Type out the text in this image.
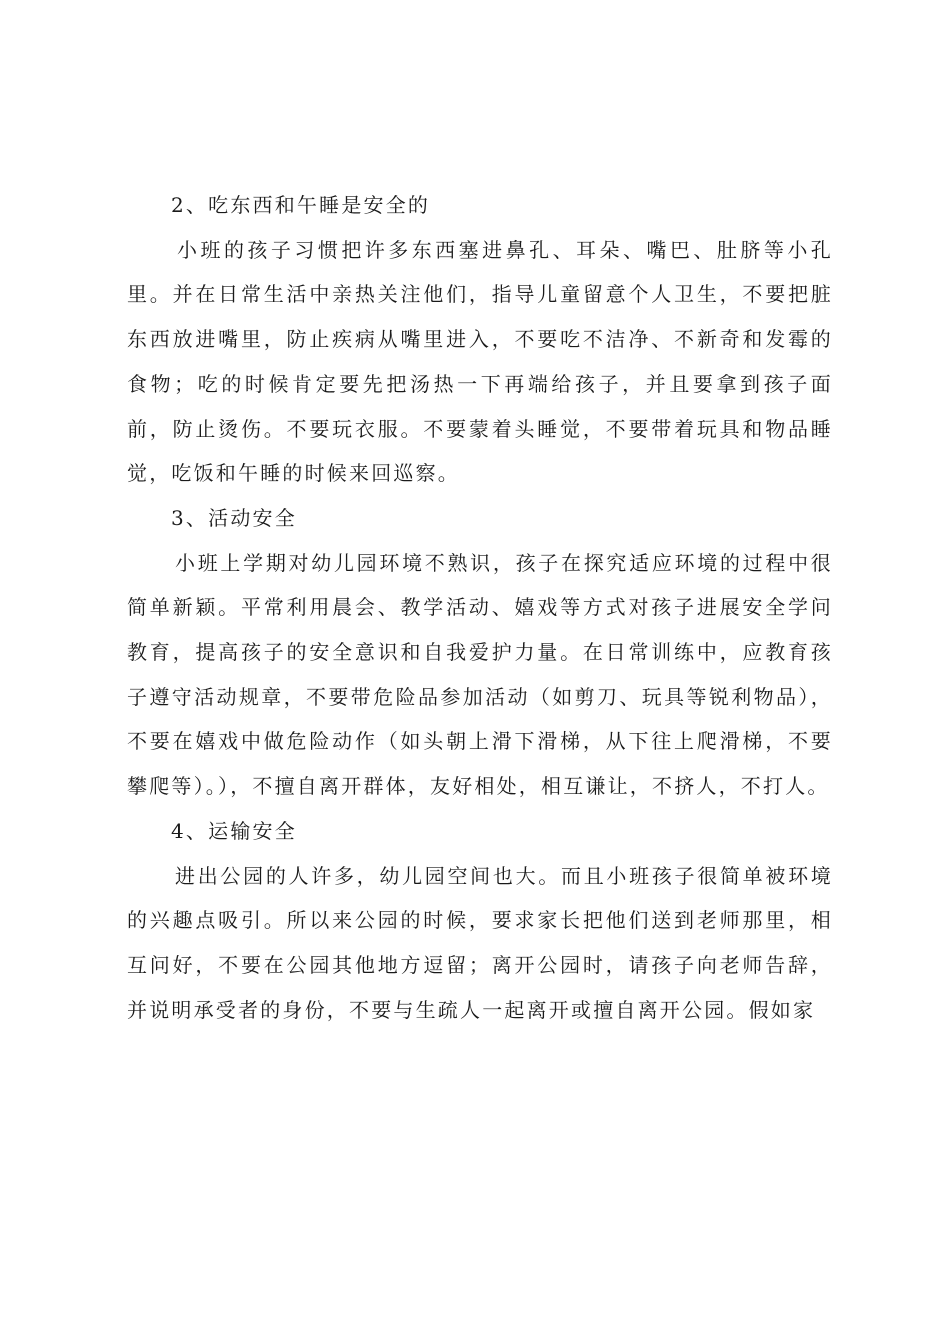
2、吃东西和午睡是安全的

小班的孩子习惯把许多东西塞进鼻孔、耳朵、嘴巴、肚脐等小孔里。并在日常生活中亲热关注他们，指导儿童留意个人卫生，不要把脏东西放进嘴里，防止疾病从嘴里进入，不要吃不洁净、不新奇和发霉的食物；吃的时候肯定要先把汤热一下再端给孩子，并且要拿到孩子面前，防止烫伤。不要玩衣服。不要蒙着头睡觉，不要带着玩具和物品睡觉，吃饭和午睡的时候来回巡察。

3、活动安全

小班上学期对幼儿园环境不熟识，孩子在探究适应环境的过程中很简单新颖。平常利用晨会、教学活动、嬉戏等方式对孩子进展安全学问教育，提高孩子的安全意识和自我爱护力量。在日常训练中，应教育孩子遵守活动规章，不要带危险品参加活动（如剪刀、玩具等锐利物品），不要在嬉戏中做危险动作（如头朝上滑下滑梯，从下往上爬滑梯，不要攀爬等）。），不擅自离开群体，友好相处，相互谦让，不挤人，不打人。

4、运输安全

进出公园的人许多，幼儿园空间也大。而且小班孩子很简单被环境的兴趣点吸引。所以来公园的时候，要求家长把他们送到老师那里，相互问好，不要在公园其他地方逗留；离开公园时，请孩子向老师告辞，并说明承受者的身份，不要与生疏人一起离开或擅自离开公园。假如家
